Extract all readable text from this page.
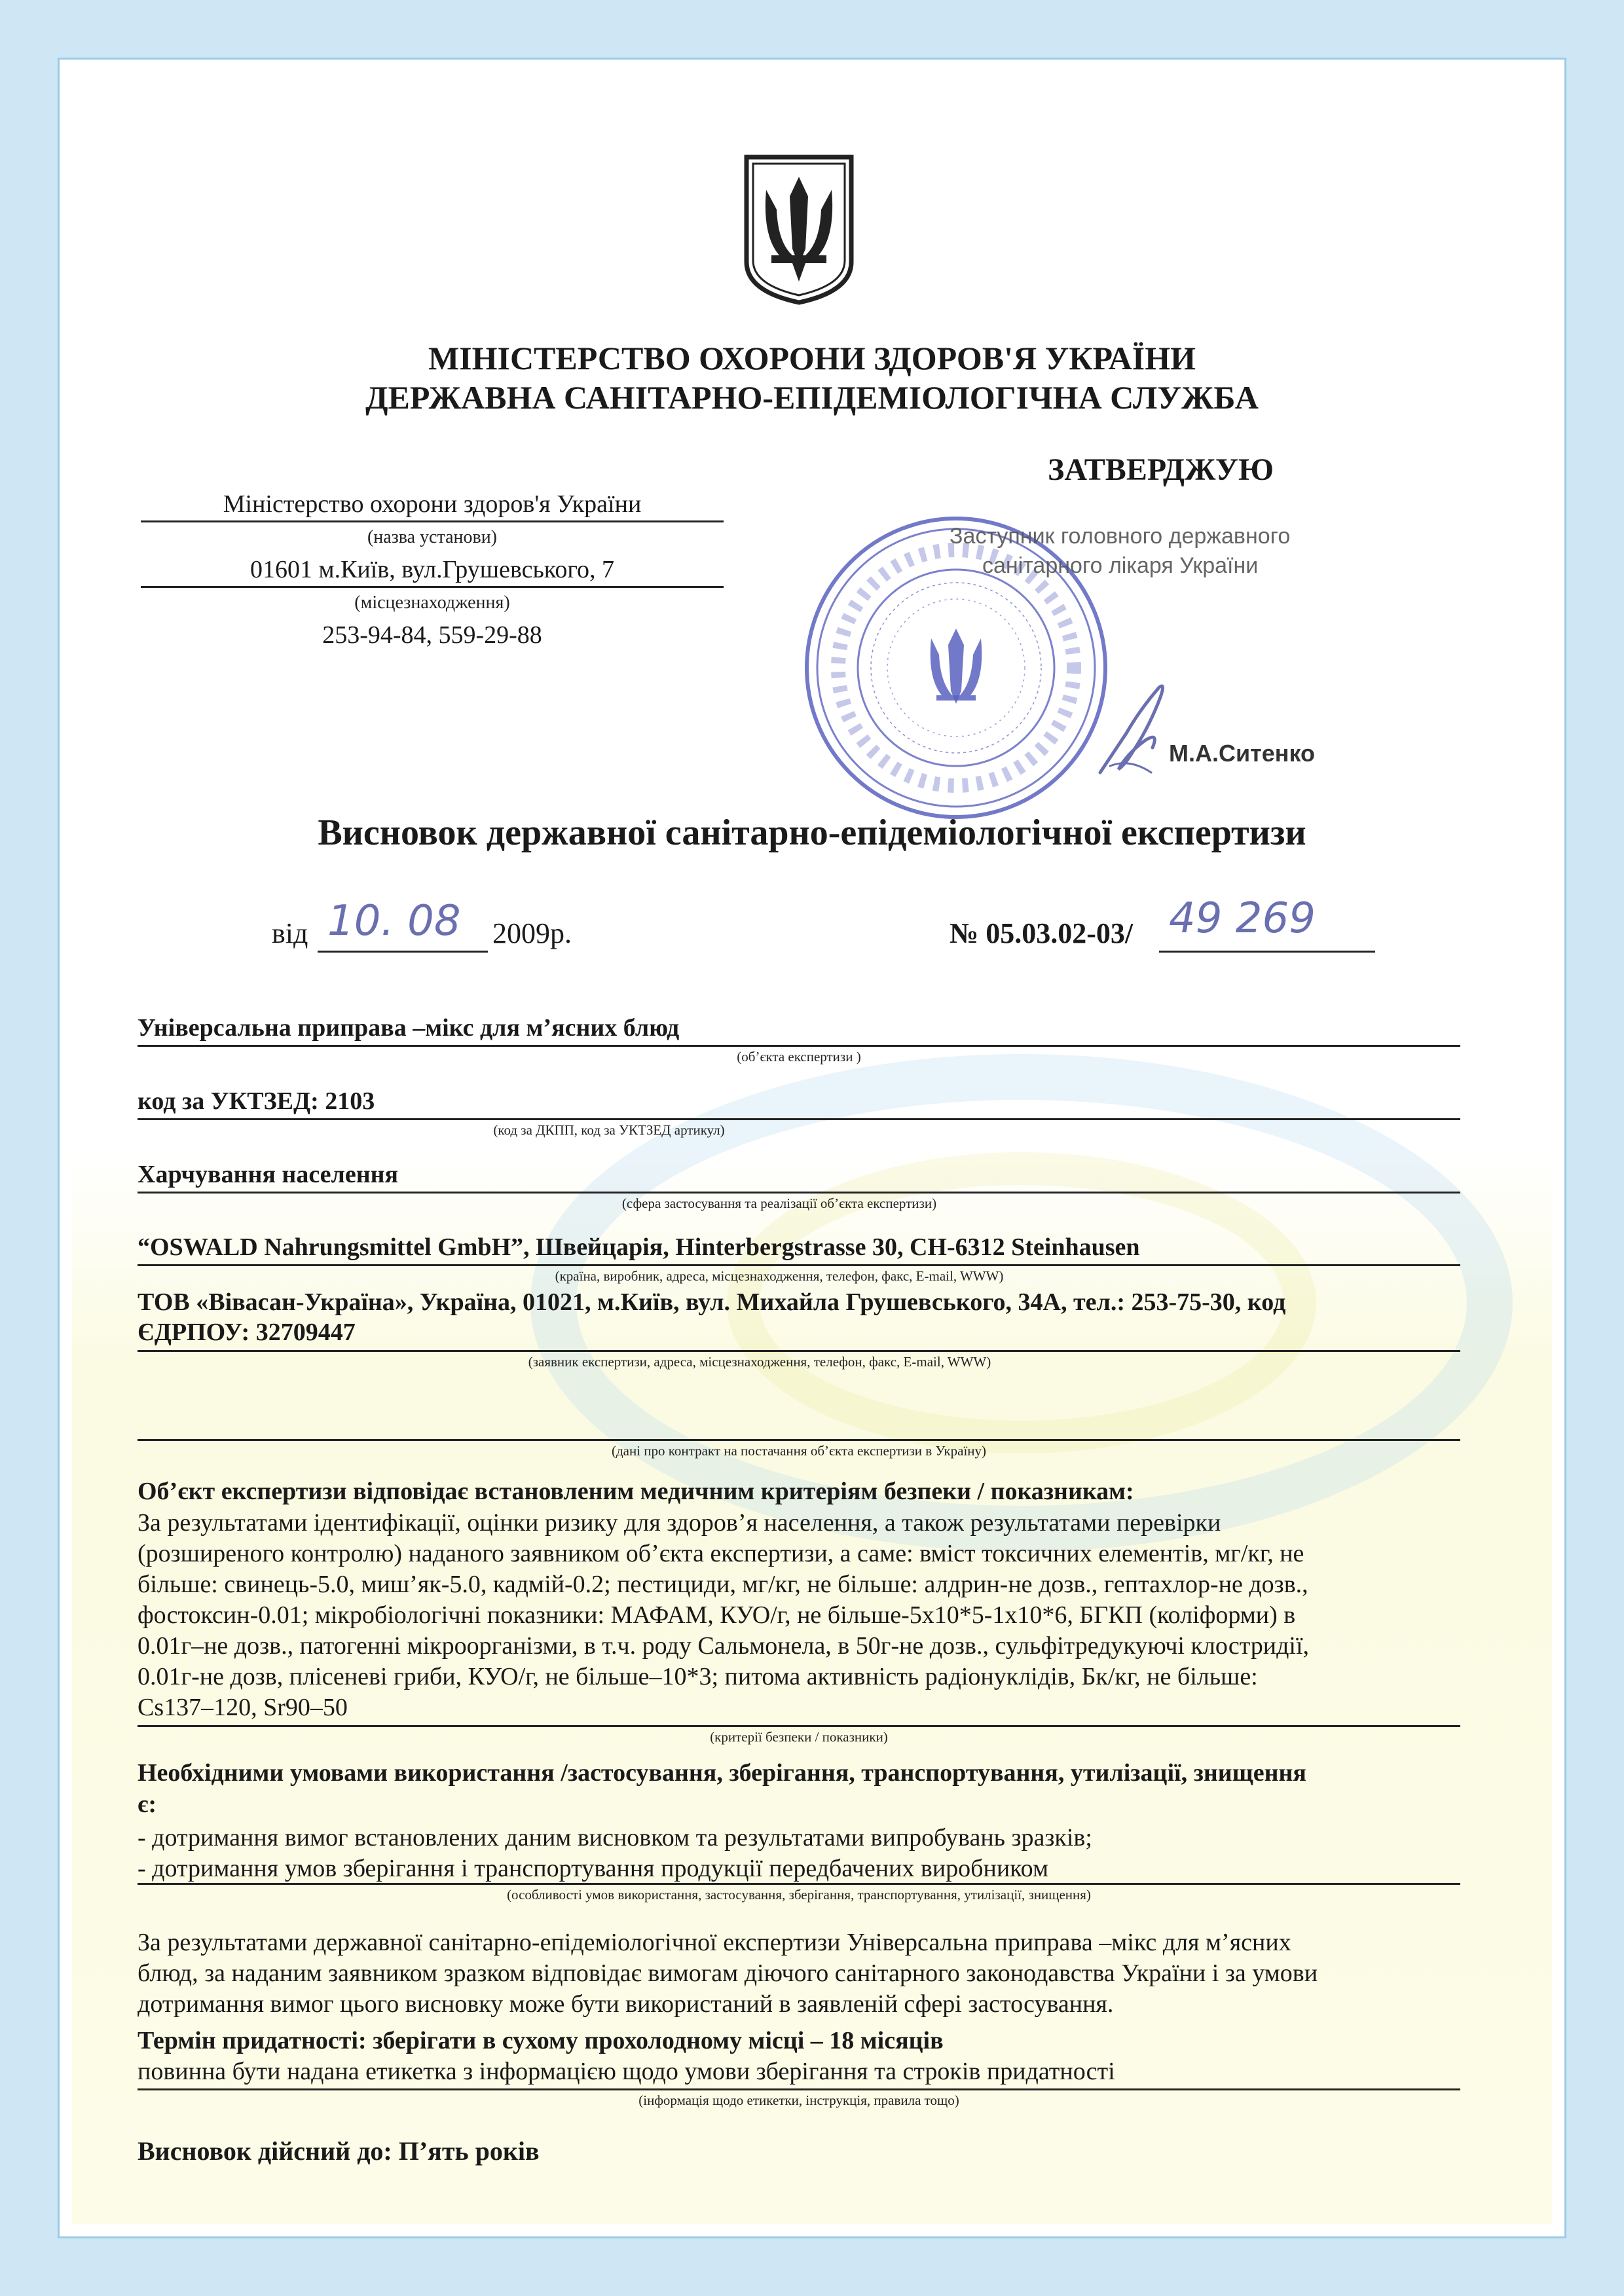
МІНІСТЕРСТВО ОХОРОНИ ЗДОРОВ'Я УКРАЇНИ
ДЕРЖАВНА САНІТАРНО-ЕПІДЕМІОЛОГІЧНА СЛУЖБА
ЗАТВЕРДЖУЮ
Міністерство охорони здоров'я України
(назва установи)
01601 м.Київ, вул.Грушевського, 7
(місцезнаходження)
253-94-84, 559-29-88
Заступник головного державного
санітарного лікаря України
М.А.Ситенко
Висновок державної санітарно-епідеміологічної експертизи
від 10. 08 2009р.	№ 05.03.02-03/ 49 269
Універсальна приправа –мікс для м’ясних блюд
(об’єкта експертизи )
код за УКТЗЕД: 2103
(код за ДКПП, код за УКТЗЕД артикул)
Харчування населення
(сфера застосування та реалізації об’єкта експертизи)
“OSWALD Nahrungsmittel GmbH”, Швейцарія, Hinterbergstrasse 30, CH-6312 Steinhausen
(країна, виробник, адреса, місцезнаходження, телефон, факс, E-mail, WWW)
ТОВ «Вівасан-Україна», Україна, 01021, м.Київ, вул. Михайла Грушевського, 34А, тел.: 253-75-30, код
ЄДРПОУ: 32709447
(заявник експертизи, адреса, місцезнаходження, телефон, факс, E-mail, WWW)
(дані про контракт на постачання об’єкта експертизи в Україну)
Об’єкт експертизи відповідає встановленим медичним критеріям безпеки / показникам:
За результатами ідентифікації, оцінки ризику для здоров’я населення, а також результатами перевірки
(розширеного контролю) наданого заявником об’єкта експертизи, а саме: вміст токсичних елементів, мг/кг, не
більше: свинець-5.0, миш’як-5.0, кадмій-0.2; пестициди, мг/кг, не більше: алдрин-не дозв., гептахлор-не дозв.,
фостоксин-0.01; мікробіологічні показники: МАФАМ, КУО/г, не більше-5х10*5-1х10*6, БГКП (коліформи) в
0.01г–не дозв., патогенні мікроорганізми, в т.ч. роду Сальмонела, в 50г-не дозв., сульфітредукуючі клостридії,
0.01г-не дозв, плісеневі гриби, КУО/г, не більше–10*3; питома активність радіонуклідів, Бк/кг, не більше:
Cs137–120, Sr90–50
(критерії безпеки / показники)
Необхідними умовами використання /застосування, зберігання, транспортування, утилізації, знищення
є:
- дотримання вимог встановлених даним висновком та результатами випробувань зразків;
- дотримання умов зберігання і транспортування продукції передбачених виробником
(особливості умов використання, застосування, зберігання, транспортування, утилізації, знищення)
За результатами державної санітарно-епідеміологічної експертизи Універсальна приправа –мікс для м’ясних
блюд, за наданим заявником зразком відповідає вимогам діючого санітарного законодавства України і за умови
дотримання вимог цього висновку може бути використаний в заявленій сфері застосування.
Термін придатності: зберігати в сухому прохолодному місці – 18 місяців
повинна бути надана етикетка з інформацією щодо умови зберігання та строків придатності
(інформація щодо етикетки, інструкція, правила тощо)
Висновок дійсний до: П’ять років
